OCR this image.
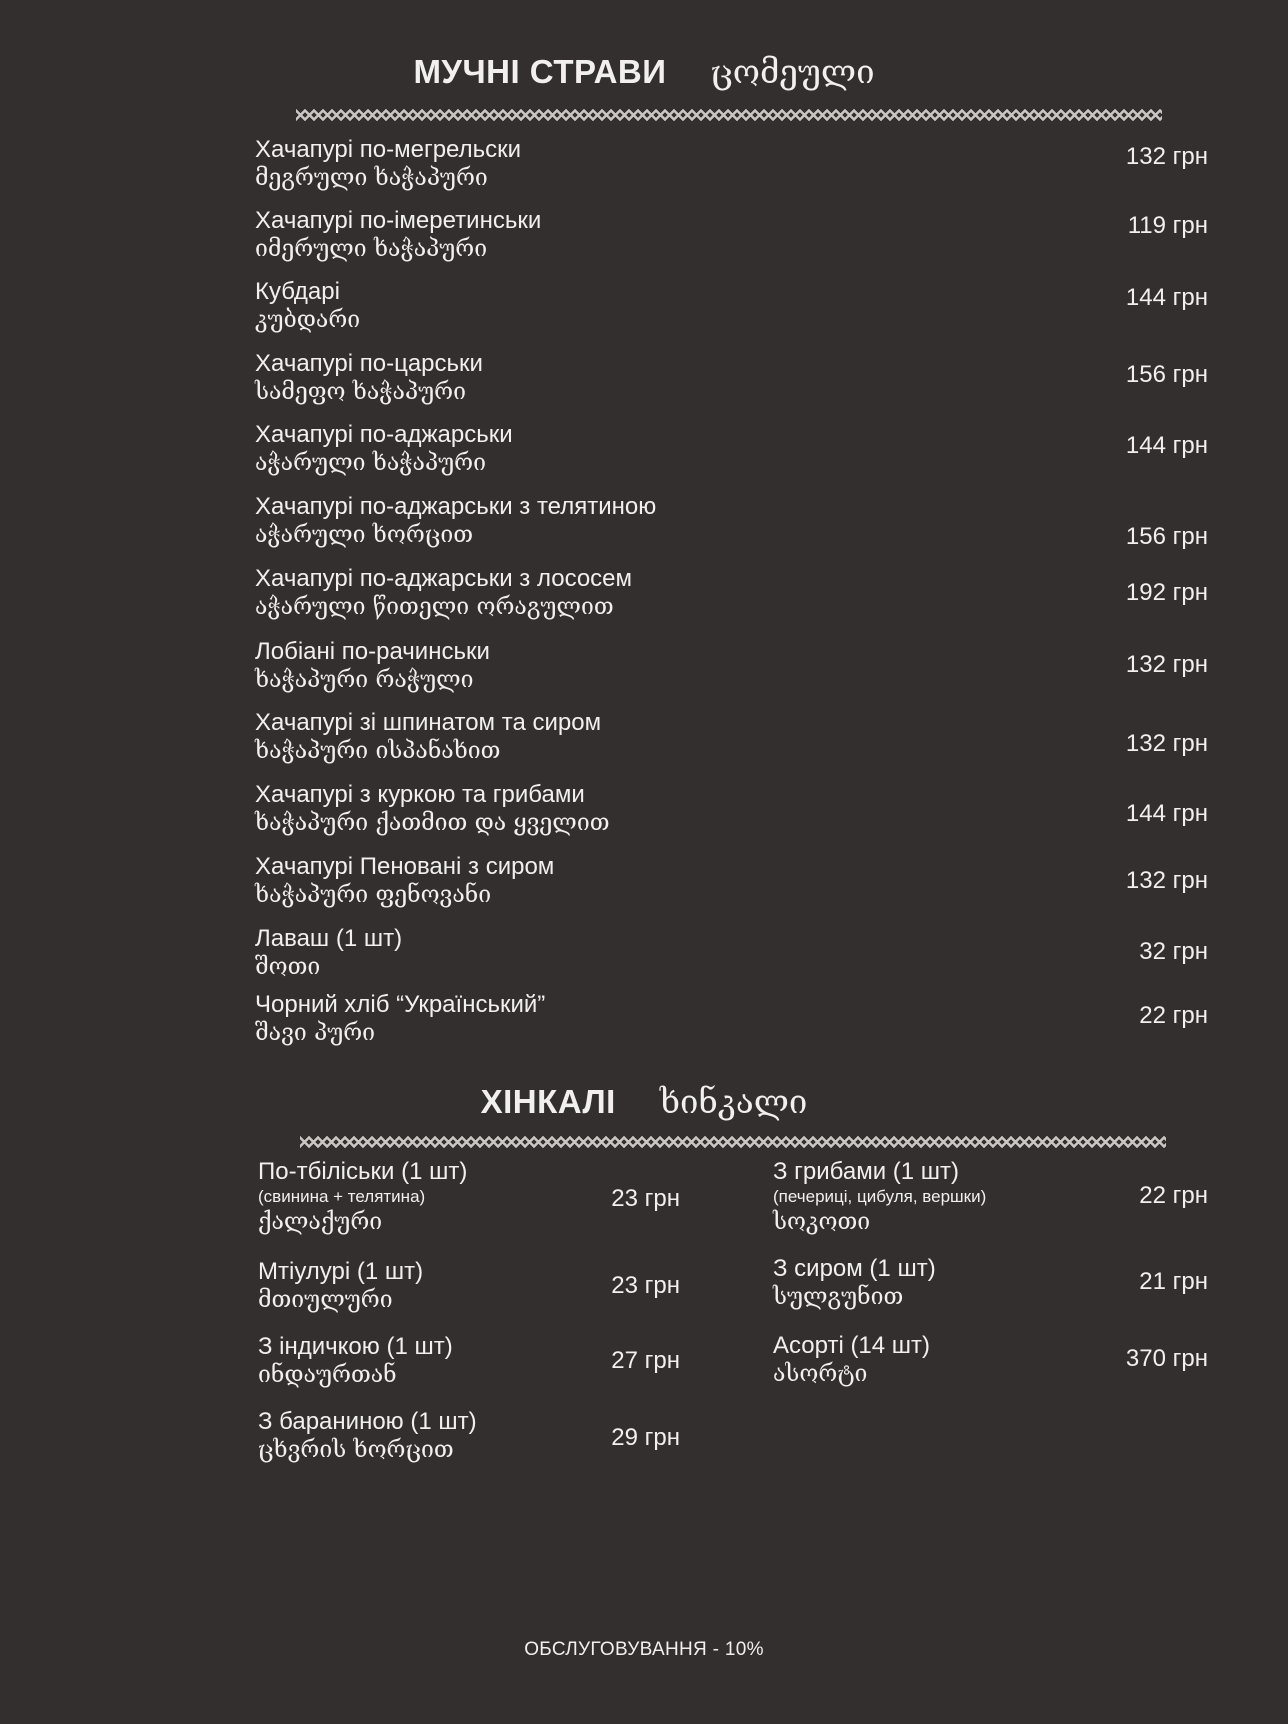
МУЧНІ СТРАВИ ცომეული
Хачапурі по-мегрельски
მეგრული ხაჭაპური
132 грн
Хачапурі по-імеретинськи
იმერული ხაჭაპური
119 грн
Кубдарі
კუბდარი
144 грн
Хачапурі по-царськи
სამეფო ხაჭაპური
156 грн
Хачапурі по-аджарськи
აჭარული ხაჭაპური
144 грн
Хачапурі по-аджарськи з телятиною
აჭარული ხორცით	156 грн
Хачапурі по-аджарськи з лососем
აჭარული წითელი ორაგულით
192 грн
Лобіані по-рачинськи
ხაჭაპური რაჭული
132 грн
Хачапурі зі шпинатом та сиром
ხაჭაპური ისპანახით	132 грн
Хачапурі з куркою та грибами
ხაჭაპური ქათმით და ყველით	144 грн
Хачапурі Пеновані з сиром
ხაჭაპური ფენოვანი
132 грн
Лаваш (1 шт)
შოთი
32 грн
Чорний хліб “Український”
შავი პური
22 грн
ХІНКАЛІ ხინკალი
По-тбіліськи (1 шт)
(свинина + телятина)
ქალაქური
23 грн
Мтіулурі (1 шт)
მთიულური
23 грн
З індичкою (1 шт)
ინდაურთან
27 грн
З бараниною (1 шт)
ცხვრის ხორცით	29 грн
З грибами (1 шт)
(печериці, цибуля, вершки)
სოკოთი
22 грн
З сиром (1 шт)
სულგუნით
21 грн
Асорті (14 шт)
ასორტი
370 грн
ОБСЛУГОВУВАННЯ - 10%
